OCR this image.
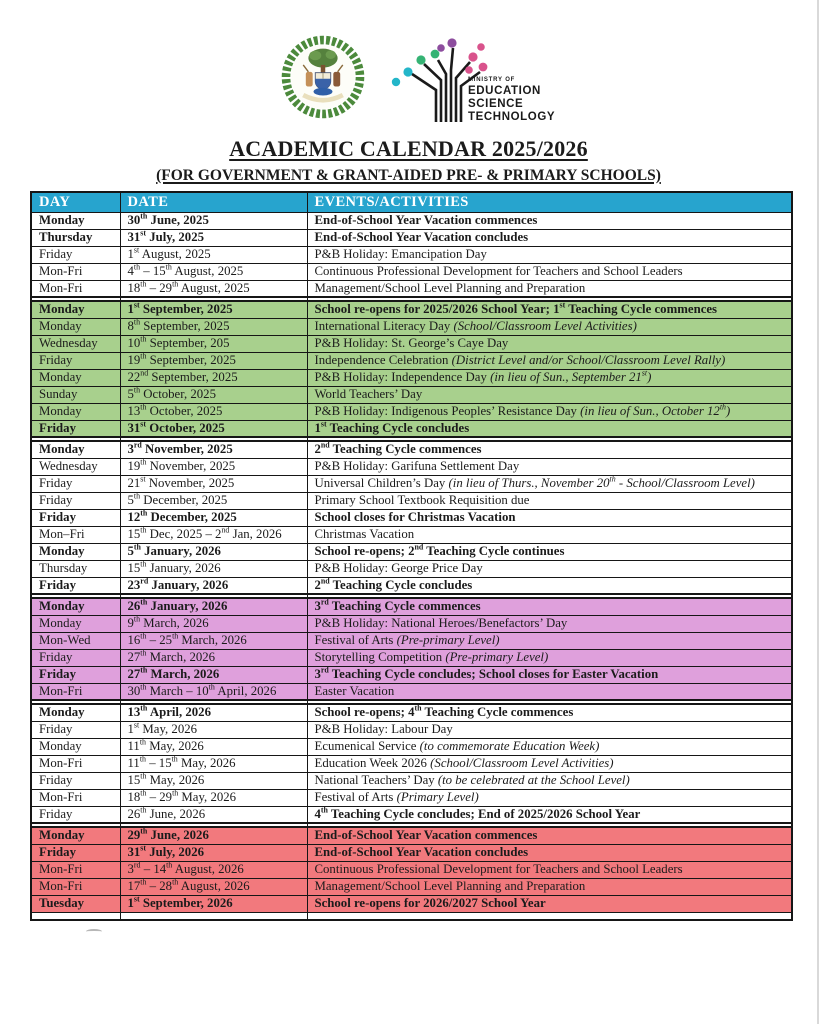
MINISTRY OF
EDUCATION
SCIENCE
TECHNOLOGY
ACADEMIC CALENDAR 2025/2026
(FOR GOVERNMENT & GRANT-AIDED PRE- & PRIMARY SCHOOLS)
DAY	DATE	EVENTS/ACTIVITIES
Monday	30th June, 2025	End-of-School Year Vacation commences
Thursday	31st July, 2025	End-of-School Year Vacation concludes
Friday	1st August, 2025	P&B Holiday: Emancipation Day
Mon-Fri	4th – 15th August, 2025	Continuous Professional Development for Teachers and School Leaders
Mon-Fri	18th – 29th August, 2025	Management/School Level Planning and Preparation

Monday	1st September, 2025	School re-opens for 2025/2026 School Year; 1st Teaching Cycle commences
Monday	8th September, 2025	International Literacy Day (School/Classroom Level Activities)
Wednesday	10th September, 205	P&B Holiday: St. George’s Caye Day
Friday	19th September, 2025	Independence Celebration (District Level and/or School/Classroom Level Rally)
Monday	22nd September, 2025	P&B Holiday: Independence Day (in lieu of Sun., September 21st)
Sunday	5th October, 2025	World Teachers’ Day
Monday	13th October, 2025	P&B Holiday: Indigenous Peoples’ Resistance Day (in lieu of Sun., October 12th)
Friday	31st October, 2025	1st Teaching Cycle concludes

Monday	3rd November, 2025	2nd Teaching Cycle commences
Wednesday	19th November, 2025	P&B Holiday: Garifuna Settlement Day
Friday	21st November, 2025	Universal Children’s Day (in lieu of Thurs., November 20th - School/Classroom Level)
Friday	5th December, 2025	Primary School Textbook Requisition due
Friday	12th December, 2025	School closes for Christmas Vacation
Mon–Fri	15th Dec, 2025 – 2nd Jan, 2026	Christmas Vacation
Monday	5th January, 2026	School re-opens; 2nd Teaching Cycle continues
Thursday	15th January, 2026	P&B Holiday: George Price Day
Friday	23rd January, 2026	2nd Teaching Cycle concludes

Monday	26th January, 2026	3rd Teaching Cycle commences
Monday	9th March, 2026	P&B Holiday: National Heroes/Benefactors’ Day
Mon-Wed	16th – 25th March, 2026	Festival of Arts (Pre-primary Level)
Friday	27th March, 2026	Storytelling Competition (Pre-primary Level)
Friday	27th March, 2026	3rd Teaching Cycle concludes; School closes for Easter Vacation
Mon-Fri	30th March – 10th April, 2026	Easter Vacation

Monday	13th April, 2026	School re-opens; 4th Teaching Cycle commences
Friday	1st May, 2026	P&B Holiday: Labour Day
Monday	11th May, 2026	Ecumenical Service (to commemorate Education Week)
Mon-Fri	11th – 15th May, 2026	Education Week 2026 (School/Classroom Level Activities)
Friday	15th May, 2026	National Teachers’ Day (to be celebrated at the School Level)
Mon-Fri	18th – 29th May, 2026	Festival of Arts (Primary Level)
Friday	26th June, 2026	4th Teaching Cycle concludes; End of 2025/2026 School Year

Monday	29th June, 2026	End-of-School Year Vacation commences
Friday	31st July, 2026	End-of-School Year Vacation concludes
Mon-Fri	3rd – 14th August, 2026	Continuous Professional Development for Teachers and School Leaders
Mon-Fri	17th – 28th August, 2026	Management/School Level Planning and Preparation
Tuesday	1st September, 2026	School re-opens for 2026/2027 School Year
